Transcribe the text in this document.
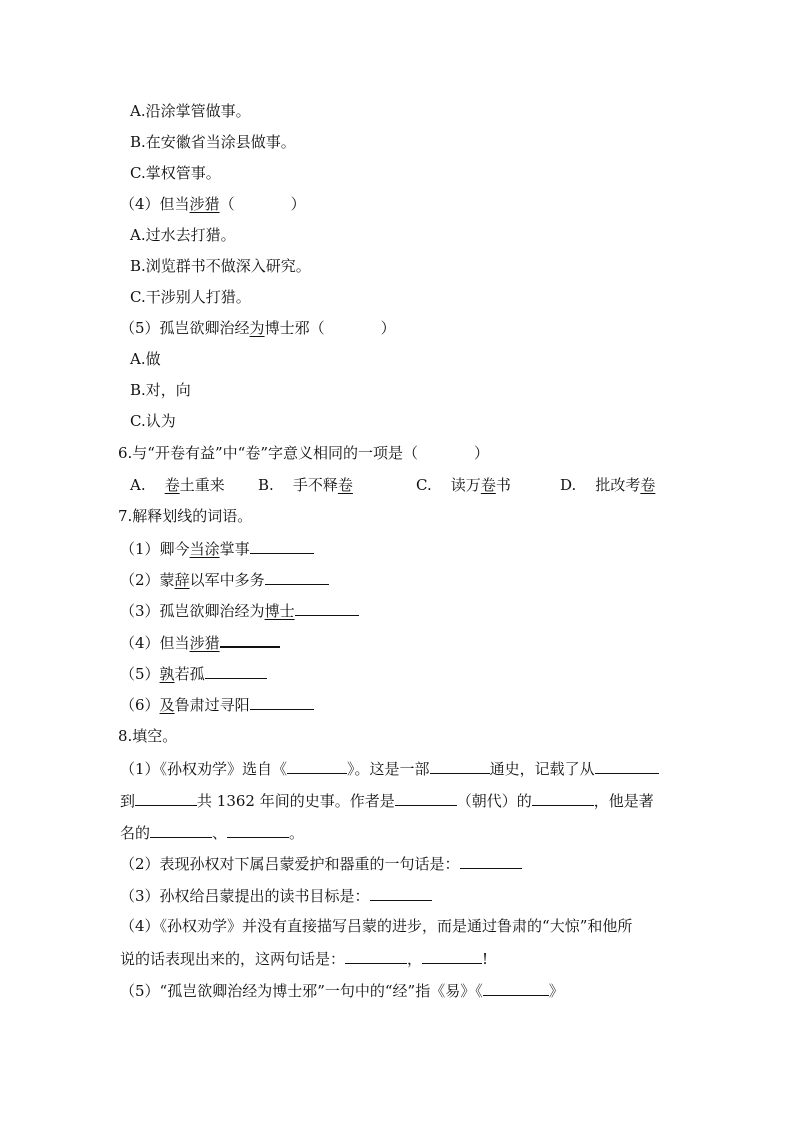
A.沿涂掌管做事。
B.在安徽省当涂县做事。
C.掌权管事。
（4）但当涉猎（	）
A.过水去打猎。
B.浏览群书不做深入研究。
C.干涉别人打猎。
（5）孤岂欲卿治经为博士邪（	）
A.做
B.对，向
C.认为
6.与“开卷有益”中“卷”字意义相同的一项是（	）
A. 卷土重来 B. 手不释卷	C. 读万卷书	D. 批改考卷
7.解释划线的词语。
（1）卿今当涂掌事
（2）蒙辞以军中多务
（3）孤岂欲卿治经为博士
（4）但当涉猎
（5）孰若孤
（6）及鲁肃过寻阳
8.填空。
（1）《孙权劝学》选自《	》。这是一部	通史，记载了从
到	共 1362 年间的史事。作者是	（朝代）的	，他是著
名的	、	。
（2）表现孙权对下属吕蒙爱护和器重的一句话是：
（3）孙权给吕蒙提出的读书目标是：
（4）《孙权劝学》并没有直接描写吕蒙的进步，而是通过鲁肃的“大惊”和他所
说的话表现出来的，这两句话是：	，	!
（5）“孤岂欲卿治经为博士邪”一句中的“经”指《易》《	》
